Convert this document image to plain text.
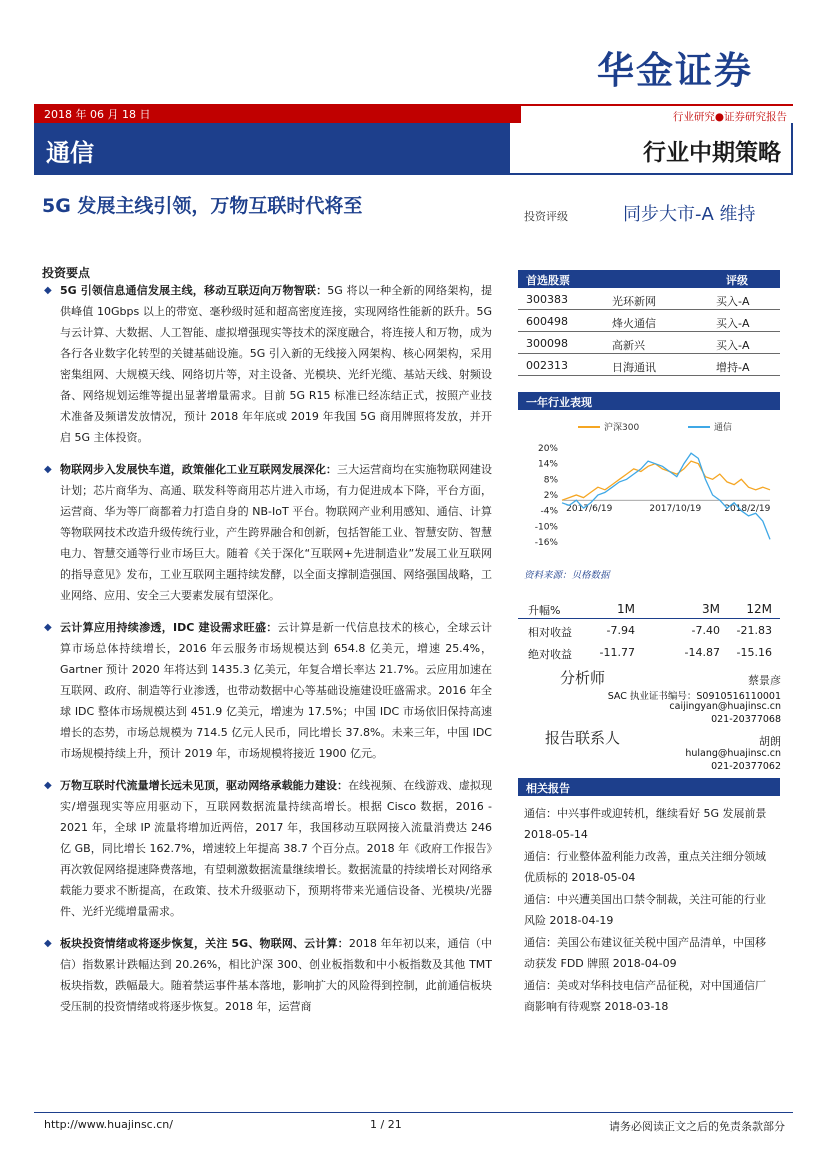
华金证券
2018 年 06 月 18 日	行业研究●证券研究报告
通信	行业中期策略
5G 发展主线引领，万物互联时代将至	投资评级	同步大市-A 维持
投资要点
◆ 5G 引领信息通信发展主线，移动互联迈向万物智联：5G 将以一种全新的网络架构，提供峰值 10Gbps 以上的带宽、毫秒级时延和超高密度连接，实现网络性能新的跃升。5G 与云计算、大数据、人工智能、虚拟增强现实等技术的深度融合，将连接人和万物，成为各行各业数字化转型的关键基础设施。5G 引入新的无线接入网架构、核心网架构，采用密集组网、大规模天线、网络切片等，对主设备、光模块、光纤光缆、基站天线、射频设备、网络规划运维等提出显著增量需求。目前 5G R15 标准已经冻结正式，按照产业技术准备及频谱发放情况，预计 2018 年年底或 2019 年我国 5G 商用牌照将发放，并开启 5G 主体投资。
◆ 物联网步入发展快车道，政策催化工业互联网发展深化：三大运营商均在实施物联网建设计划；芯片商华为、高通、联发科等商用芯片进入市场，有力促进成本下降，平台方面，运营商、华为等厂商都着力打造自身的 NB-IoT 平台。物联网产业利用感知、通信、计算等物联网技术改造升级传统行业，产生跨界融合和创新，包括智能工业、智慧安防、智慧电力、智慧交通等行业市场巨大。随着《关于深化“互联网+先进制造业”发展工业互联网的指导意见》发布，工业互联网主题持续发酵，以全面支撑制造强国、网络强国战略，工业网络、应用、安全三大要素发展有望深化。
◆ 云计算应用持续渗透，IDC 建设需求旺盛：云计算是新一代信息技术的核心，全球云计算市场总体持续增长，2016 年云服务市场规模达到 654.8 亿美元，增速 25.4%，Gartner 预计 2020 年将达到 1435.3 亿美元，年复合增长率达 21.7%。云应用加速在互联网、政府、制造等行业渗透，也带动数据中心等基础设施建设旺盛需求。2016 年全球 IDC 整体市场规模达到 451.9 亿美元，增速为 17.5%；中国 IDC 市场依旧保持高速增长的态势，市场总规模为 714.5 亿元人民币，同比增长 37.8%。未来三年，中国 IDC 市场规模持续上升，预计 2019 年，市场规模将接近 1900 亿元。
◆ 万物互联时代流量增长远未见顶，驱动网络承载能力建设：在线视频、在线游戏、虚拟现实/增强现实等应用驱动下，互联网数据流量持续高增长。根据 Cisco 数据，2016 - 2021 年，全球 IP 流量将增加近两倍，2017 年，我国移动互联网接入流量消费达 246 亿 GB，同比增长 162.7%，增速较上年提高 38.7 个百分点。2018 年《政府工作报告》再次敦促网络提速降费落地，有望刺激数据流量继续增长。数据流量的持续增长对网络承载能力要求不断提高，在政策、技术升级驱动下，预期将带来光通信设备、光模块/光器件、光纤光缆增量需求。
◆ 板块投资情绪或将逐步恢复，关注 5G、物联网、云计算：2018 年年初以来，通信（中信）指数累计跌幅达到 20.26%，相比沪深 300、创业板指数和中小板指数及其他 TMT 板块指数，跌幅最大。随着禁运事件基本落地，影响扩大的风险得到控制，此前通信板块受压制的投资情绪或将逐步恢复。2018 年，运营商
首选股票	评级
300383	光环新网	买入-A
600498	烽火通信	买入-A
300098	高新兴	买入-A
002313	日海通讯	增持-A
一年行业表现
沪深300	通信
20%
14%
8%
2%
-4%
-10%
-16%
2017/6/19	2017/10/19	2018/2/19
资料来源：贝格数据
升幅%	1M	3M 12M
相对收益	-7.94	-7.40 -21.83
绝对收益	-11.77	-14.87 -15.16
分析师	蔡景彦
SAC 执业证书编号：S0910516110001
caijingyan@huajinsc.cn
021-20377068
报告联系人	胡朗
hulang@huajinsc.cn
021-20377062
相关报告
通信：中兴事件或迎转机，继续看好 5G 发展前景 2018-05-14
通信：行业整体盈利能力改善，重点关注细分领域优质标的 2018-05-04
通信：中兴遭美国出口禁令制裁，关注可能的行业风险 2018-04-19
通信：美国公布建议征关税中国产品清单，中国移动获发 FDD 牌照 2018-04-09
通信：美或对华科技电信产品征税，对中国通信厂商影响有待观察 2018-03-18
http://www.huajinsc.cn/	1 / 21	请务必阅读正文之后的免责条款部分
